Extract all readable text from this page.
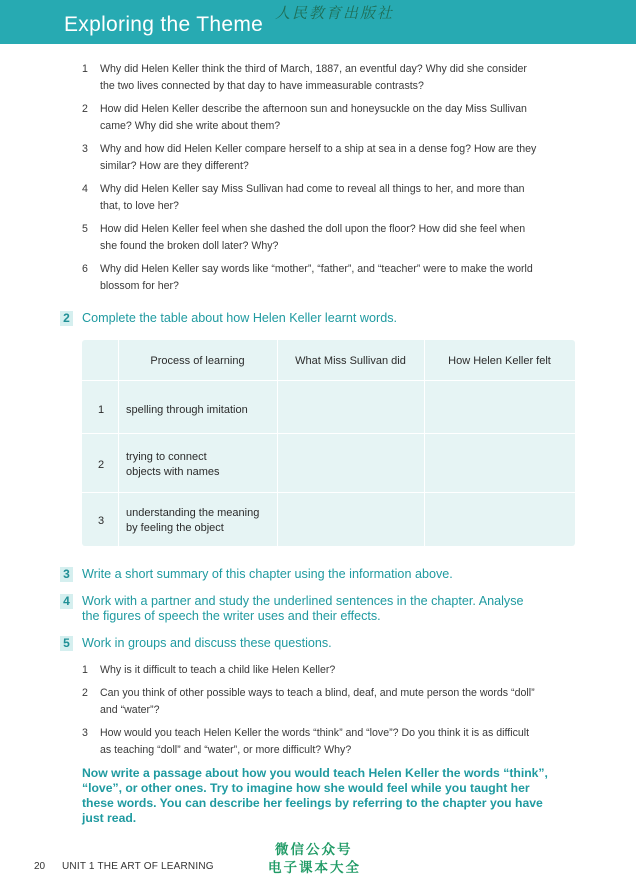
Exploring the Theme 人民教育出版社
1 Why did Helen Keller think the third of March, 1887, an eventful day? Why did she consider
the two lives connected by that day to have immeasurable contrasts?
2 How did Helen Keller describe the afternoon sun and honeysuckle on the day Miss Sullivan
came? Why did she write about them?
3 Why and how did Helen Keller compare herself to a ship at sea in a dense fog? How are they
similar? How are they different?
4 Why did Helen Keller say Miss Sullivan had come to reveal all things to her, and more than
that, to love her?
5 How did Helen Keller feel when she dashed the doll upon the floor? How did she feel when
she found the broken doll later? Why?
6 Why did Helen Keller say words like “mother”, “father”, and “teacher” were to make the world
blossom for her?
2 Complete the table about how Helen Keller learnt words.
Process of learning	What Miss Sullivan did	How Helen Keller felt
1 spelling through imitation
2
trying to connect
objects with names
3
understanding the meaning
by feeling the object
3 Write a short summary of this chapter using the information above.
4 Work with a partner and study the underlined sentences in the chapter. Analyse
the figures of speech the writer uses and their effects.
5 Work in groups and discuss these questions.
1 Why is it difficult to teach a child like Helen Keller?
2 Can you think of other possible ways to teach a blind, deaf, and mute person the words “doll”
and “water”?
3 How would you teach Helen Keller the words “think” and “love”? Do you think it is as difficult
as teaching “doll” and “water”, or more difficult? Why?
Now write a passage about how you would teach Helen Keller the words “think”,
“love”, or other ones. Try to imagine how she would feel while you taught her
these words. You can describe her feelings by referring to the chapter you have
just read.
20 UNIT 1 THE ART OF LEARNING
微信公众号
电子课本大全
